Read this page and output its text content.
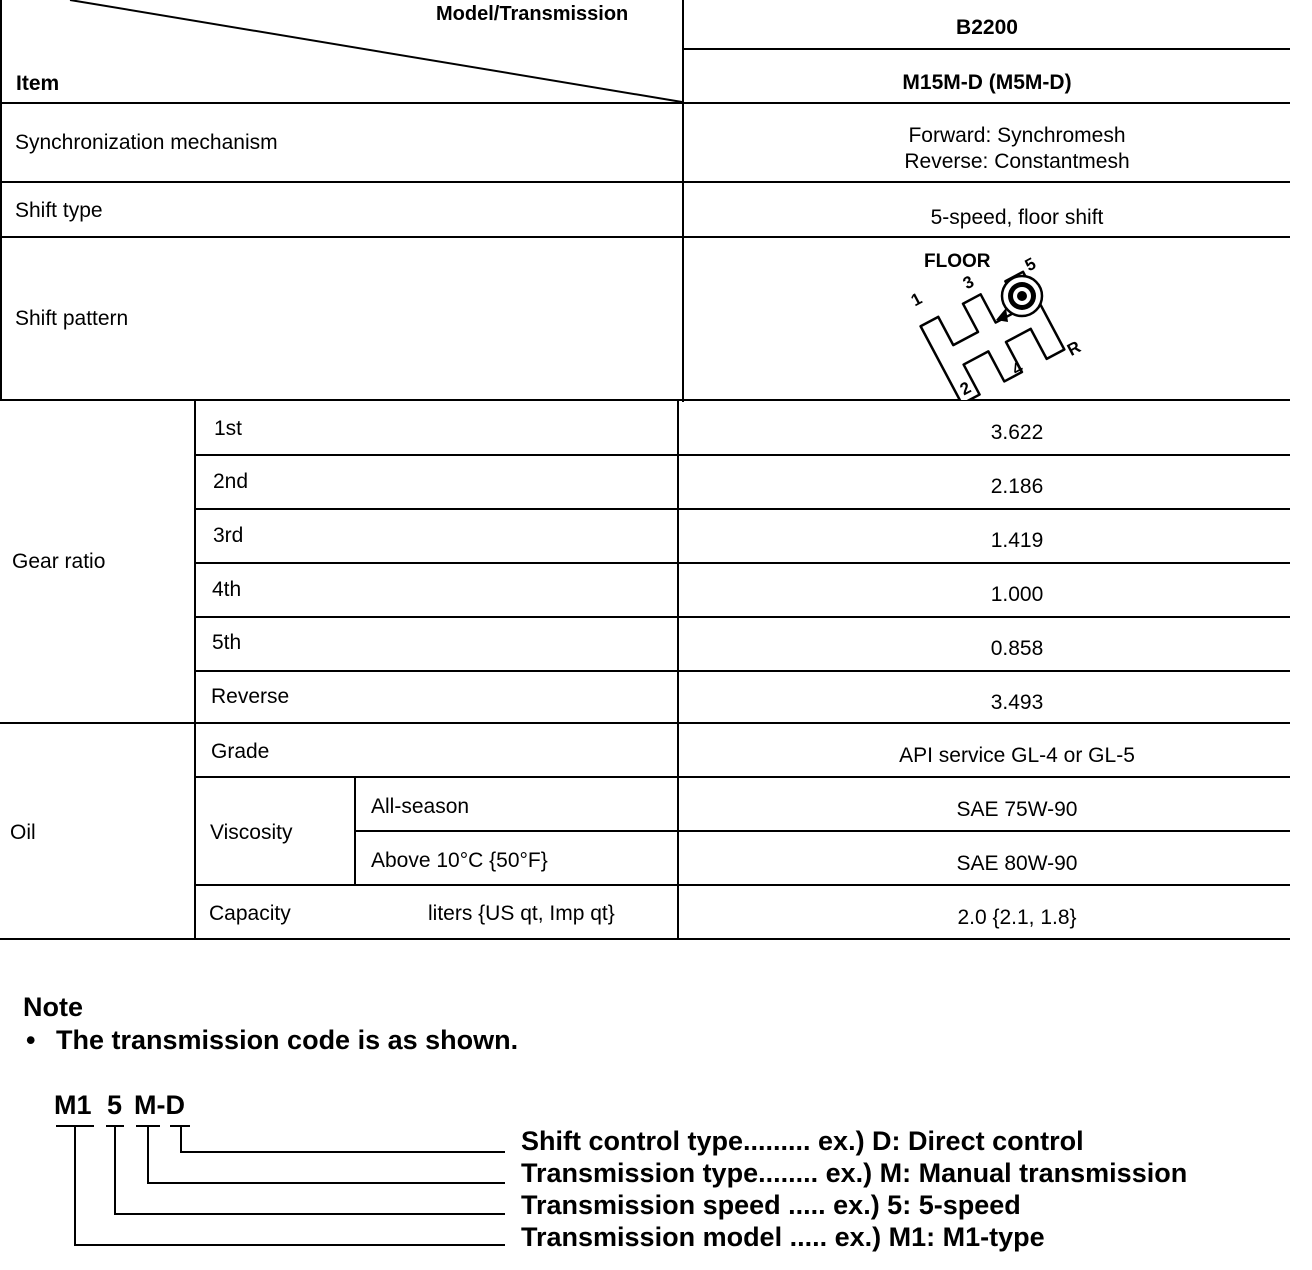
Model/Transmission
Item
B2200
M15M-D (M5M-D)
Synchronization mechanism	Forward: Synchromesh
Reverse: Constantmesh
Shift type	5-speed, floor shift
Shift pattern
FLOOR
1
2
3
4
5
R
Gear ratio
1st	3.622
2nd	2.186
3rd	1.419
4th	1.000
5th	0.858
Reverse	3.493
Oil
Grade	API service GL-4 or GL-5
Viscosity
All-season	SAE 75W-90
Above 10°C {50°F}	SAE 80W-90
Capacity	liters {US qt, Imp qt}	2.0 {2.1, 1.8}
Note
• The transmission code is as shown.
M1 5 M-D
Shift control type......... ex.) D: Direct control
Transmission type........ ex.) M: Manual transmission
Transmission speed ..... ex.) 5: 5-speed
Transmission model ..... ex.) M1: M1-type
